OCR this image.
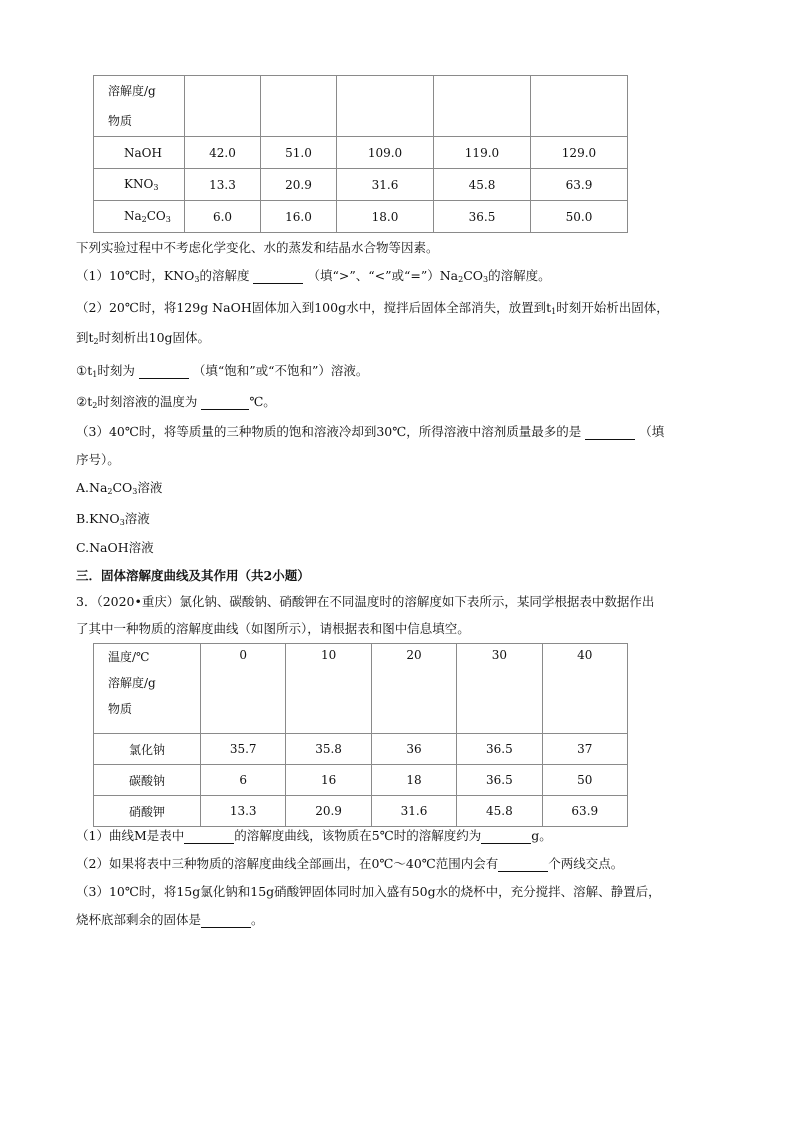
溶解度/g
物质					

NaOH	42.0	51.0	109.0	119.0	129.0
$KNO_3$	13.3	20.9	31.6	45.8	63.9
$Na_2CO_3$	6.0	16.0	18.0	36.5	50.0
下列实验过程中不考虑化学变化、水的蒸发和结晶水合物等因素。
（1）10℃时，$KNO_3$的溶解度	（填“>”、“<”或“$=”)Na_2CO_3$的溶解度。
（2）20℃时，将129g NaOH固体加入到100g水中，搅拌后固体全部消失，放置到$t_1$时刻开始析出固体，
到$t_2$时刻析出10g固体。
$①t_1$时刻为	（填“饱和”或“不饱和”）溶液。
$②t_2$时刻溶液的温度为	℃。
（3）40℃时，将等质量的三种物质的饱和溶液冷却到30℃，所得溶液中溶剂质量最多的是	（填
序号）。
$A.Na_2CO_3$溶液
$B.KNO_3$溶液
C.NaOH溶液
三．固体溶解度曲线及其作用（共2小题）
3．（2020•重庆）氯化钠、碳酸钠、硝酸钾在不同温度时的溶解度如下表所示，某同学根据表中数据作出
了其中一种物质的溶解度曲线（如图所示），请根据表和图中信息填空。
温度/℃
溶解度/g
物质	0	10	20	30	40
氯化钠	35.7	35.8	36	36.5	37
碳酸钠	6	16	18	36.5	50
硝酸钾	13.3	20.9	31.6	45.8	63.9
（1）曲线M是表中	的溶解度曲线，该物质在5℃时的溶解度约为	g。
（2）如果将表中三种物质的溶解度曲线全部画出，在0℃～40℃范围内会有	个两线交点。
（3）10℃时，将15g氯化钠和15g硝酸钾固体同时加入盛有50g水的烧杯中，充分搅拌、溶解、静置后，
烧杯底部剩余的固体是	。
